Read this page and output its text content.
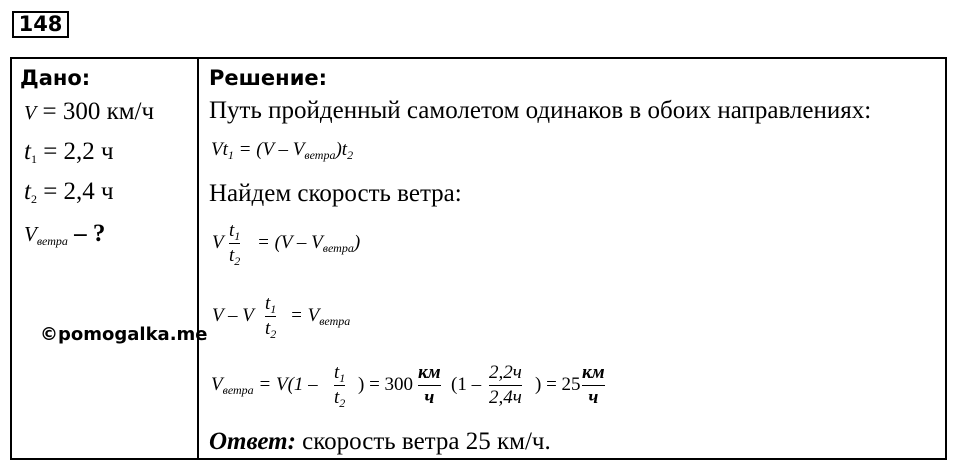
148
Дано:
V = 300 км/ч
$t_1 = 2,2$ ч
$t_2 = 2,4$ ч
$V_{ветра}$ – ?
©pomogalka.me
Решение:
Путь пройденный самолетом одинаков в обоих направлениях:
$Vt_1 = (V - V_{ветра})t_2$
Найдем скорость ветра:
V
$t_1$
$t_2$
= $(V - V_{ветра})$
V – V
$t_1$
$t_2$
= $V_{ветра}$
$V_{ветра} = V(1$ –
$t_1$
$t_2$
) = 300
км
ч
(1 –
2,2ч
2,4ч
) = 25
км
ч
Ответ: скорость ветра 25 км/ч.
